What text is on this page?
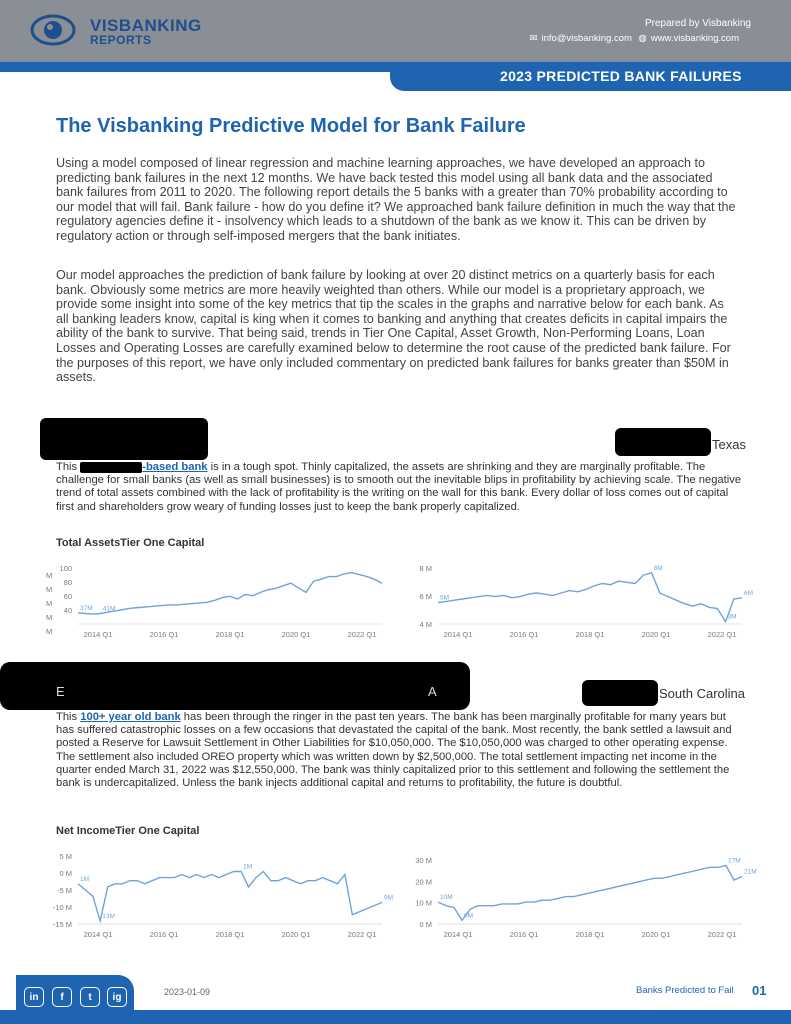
VISBANKING
REPORTS
Prepared by Visbanking
✉ info@visbanking.com ◍ www.visbanking.com
2023 PREDICTED BANK FAILURES
The Visbanking Predictive Model for Bank Failure
Using a model composed of linear regression and machine learning approaches, we have developed an approach to predicting bank failures in the next 12 months. We have back tested this model using all bank data and the associated bank failures from 2011 to 2020. The following report details the 5 banks with a greater than 70% probability according to our model that will fail. Bank failure - how do you define it? We approached bank failure definition in much the way that the regulatory agencies define it - insolvency which leads to a shutdown of the bank as we know it. This can be driven by regulatory action or through self-imposed mergers that the bank initiates.
Our model approaches the prediction of bank failure by looking at over 20 distinct metrics on a quarterly basis for each bank. Obviously some metrics are more heavily weighted than others. While our model is a proprietary approach, we provide some insight into some of the key metrics that tip the scales in the graphs and narrative below for each bank. As all banking leaders know, capital is king when it comes to banking and anything that creates deficits in capital impairs the ability of the bank to survive. That being said, trends in Tier One Capital, Asset Growth, Non-Performing Loans, Loan Losses and Operating Losses are carefully examined below to determine the root cause of the predicted bank failure. For the purposes of this report, we have only included commentary on predicted bank failures for banks greater than $50M in assets.
Texas
This	-based bank is in a tough spot. Thinly capitalized, the assets are shrinking and they are marginally profitable. The challenge for small banks (as well as small businesses) is to smooth out the inevitable blips in profitability by achieving scale. The negative trend of total assets combined with the lack of profitability is the writing on the wall for this bank. Every dollar of loss comes out of capital first and shareholders grow weary of funding losses just to keep the bank properly capitalized.
Total AssetsTier One Capital
100
M
80
M
60
M
40
M
M	2014 Q1	2016 Q1	2018 Q1	2020 Q1	2022 Q1
37M 41M
8 M
6 M
4 M
2014 Q1	2016 Q1	2018 Q1	2020 Q1	2022 Q1
5M
8M
3M
6M
E	A	South Carolina
This 100+ year old bank has been through the ringer in the past ten years. The bank has been marginally profitable for many years but has suffered catastrophic losses on a few occasions that devastated the capital of the bank. Most recently, the bank settled a lawsuit and posted a Reserve for Lawsuit Settlement in Other Liabilities for $10,050,000. The $10,050,000 was charged to other operating expense. The settlement also included OREO property which was written down by $2,500,000. The total settlement impacting net income in the quarter ended March 31, 2022 was $12,550,000. The bank was thinly capitalized prior to this settlement and following the settlement the bank is undercapitalized. Unless the bank injects additional capital and returns to profitability, the future is doubtful.
Net IncomeTier One Capital
5 M
0 M
-5 M
-10 M
-15 M
2014 Q1	2016 Q1	2018 Q1	2020 Q1	2022 Q1
1M
13M
1M
9M
30 M
20 M
10 M
0 M
2014 Q1	2016 Q1	2018 Q1	2020 Q1	2022 Q1
10M
0M
17M
21M
in	f	t	ig	2023-01-09	Banks Predicted to Fail 01
